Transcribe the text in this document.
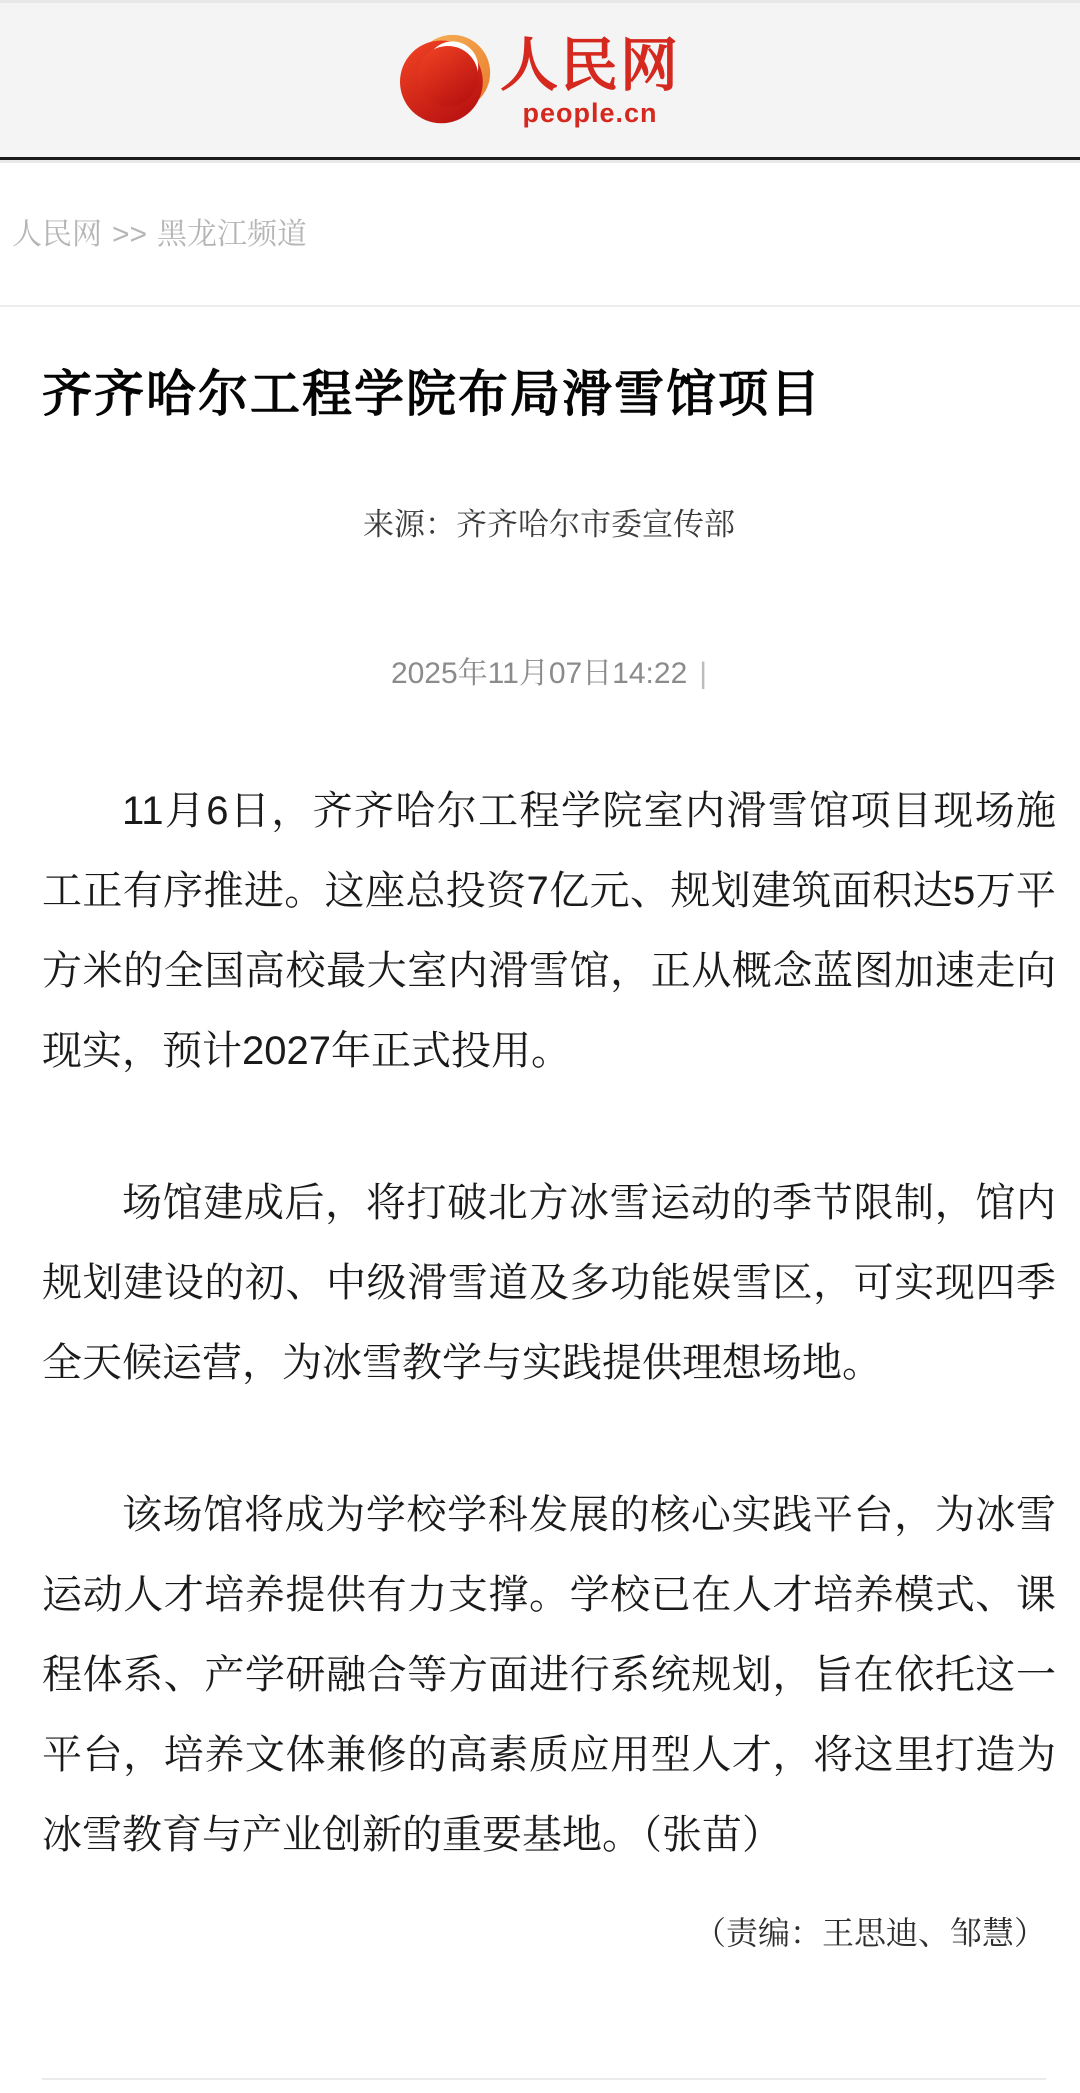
人民网
people.cn
人民网 >> 黑龙江频道
齐齐哈尔工程学院布局滑雪馆项目
来源：齐齐哈尔市委宣传部
2025年11月07日14:22 |

11月6日，齐齐哈尔工程学院室内滑雪馆项目现场施工正有序推进。这座总投资7亿元、规划建筑面积达5万平方米的全国高校最大室内滑雪馆，正从概念蓝图加速走向现实，预计2027年正式投用。

场馆建成后，将打破北方冰雪运动的季节限制，馆内规划建设的初、中级滑雪道及多功能娱雪区，可实现四季全天候运营，为冰雪教学与实践提供理想场地。

该场馆将成为学校学科发展的核心实践平台，为冰雪运动人才培养提供有力支撑。学校已在人才培养模式、课程体系、产学研融合等方面进行系统规划，旨在依托这一平台，培养文体兼修的高素质应用型人才，将这里打造为冰雪教育与产业创新的重要基地。（张苗）

（责编：王思迪、邹慧）
